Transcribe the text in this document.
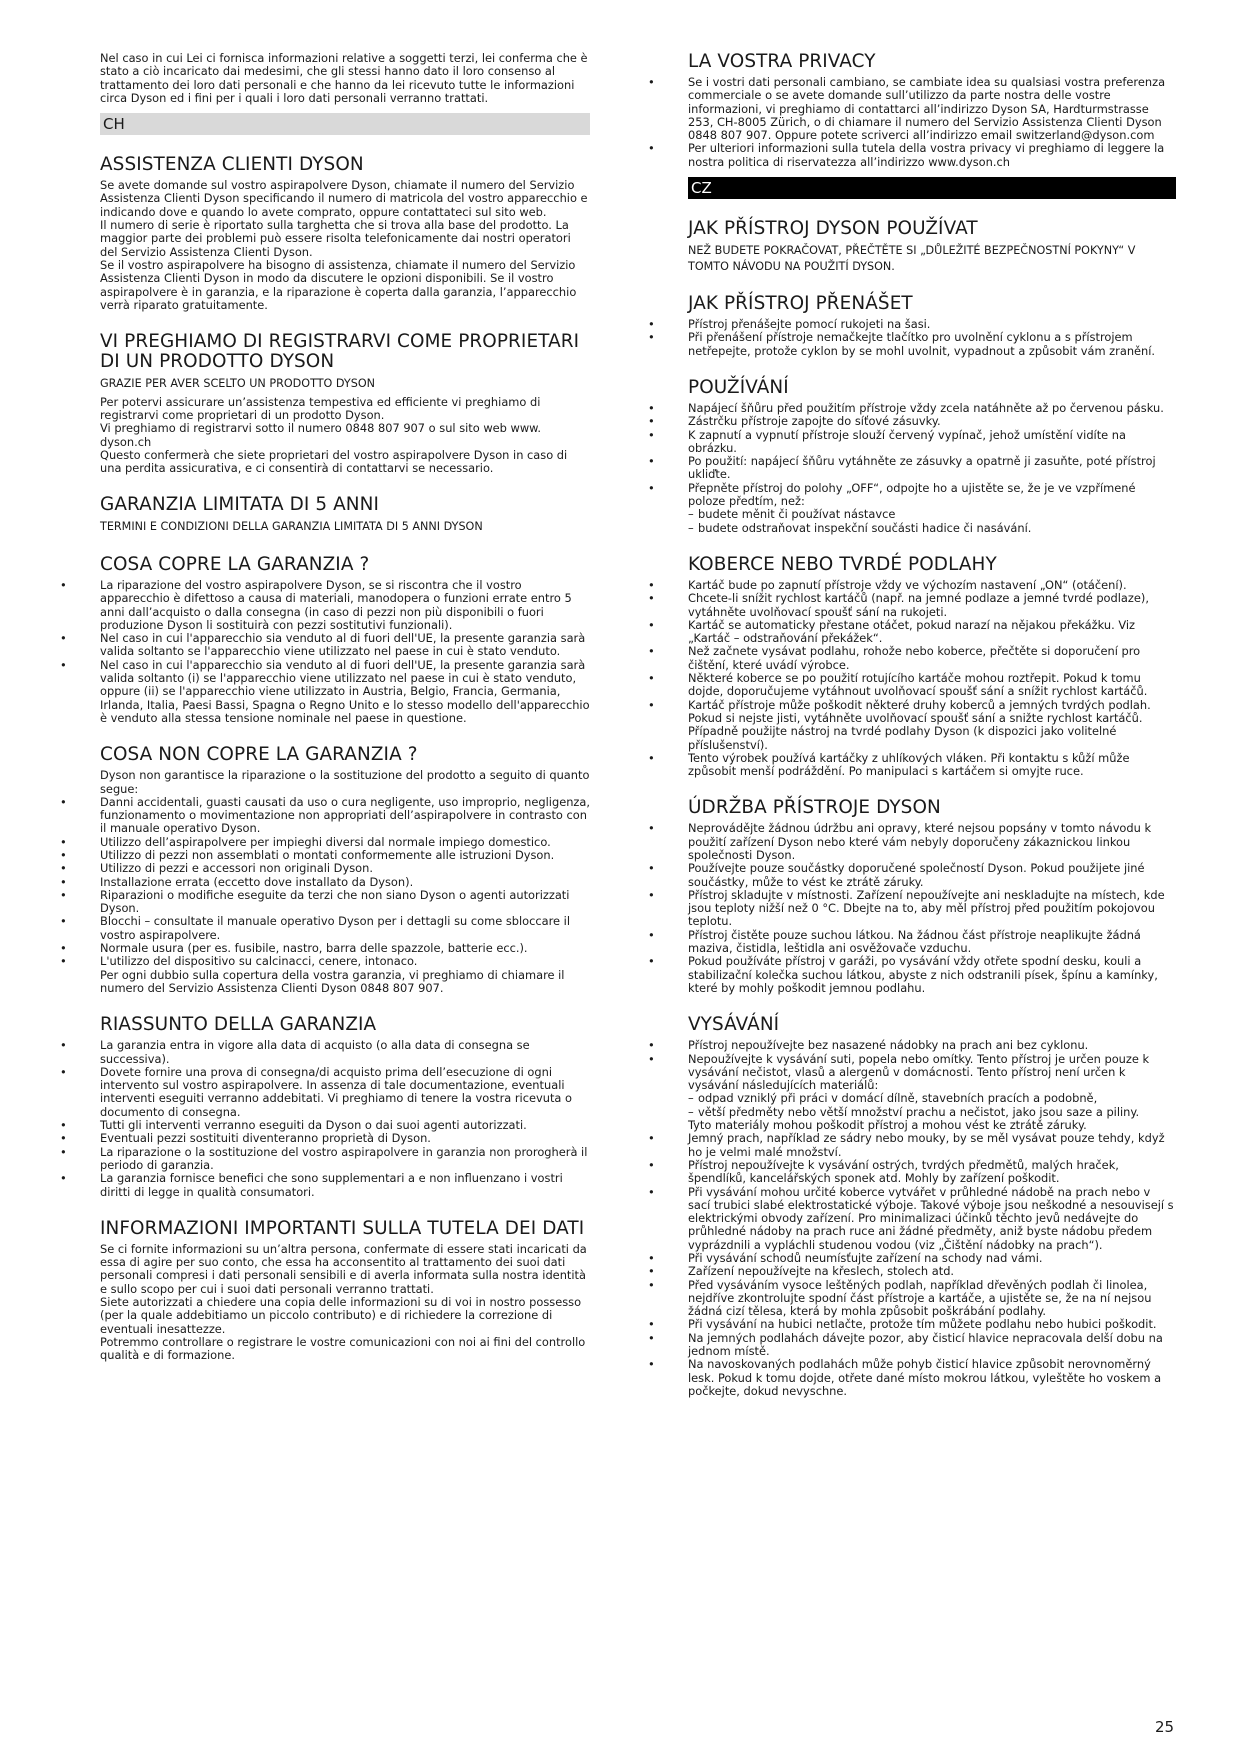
Nel caso in cui Lei ci fornisca informazioni relative a soggetti terzi, lei conferma che è stato a ciò incaricato dai medesimi, che gli stessi hanno dato il loro consenso al trattamento dei loro dati personali e che hanno da lei ricevuto tutte le informazioni circa Dyson ed i fini per i quali i loro dati personali verranno trattati.

CH
ASSISTENZA CLIENTI DYSON

Se avete domande sul vostro aspirapolvere Dyson, chiamate il numero del Servizio Assistenza Clienti Dyson specificando il numero di matricola del vostro apparecchio e indicando dove e quando lo avete comprato, oppure contattateci sul sito web.

Il numero di serie è riportato sulla targhetta che si trova alla base del prodotto. La maggior parte dei problemi può essere risolta telefonicamente dai nostri operatori del Servizio Assistenza Clienti Dyson.

Se il vostro aspirapolvere ha bisogno di assistenza, chiamate il numero del Servizio Assistenza Clienti Dyson in modo da discutere le opzioni disponibili. Se il vostro aspirapolvere è in garanzia, e la riparazione è coperta dalla garanzia, l’apparecchio verrà riparato gratuitamente.

VI PREGHIAMO DI REGISTRARVI COME PROPRIETARI DI UN PRODOTTO DYSON
GRAZIE PER AVER SCELTO UN PRODOTTO DYSON

Per potervi assicurare un’assistenza tempestiva ed efficiente vi preghiamo di registrarvi come proprietari di un prodotto Dyson.

Vi preghiamo di registrarvi sotto il numero 0848 807 907 o sul sito web www. dyson.ch

Questo confermerà che siete proprietari del vostro aspirapolvere Dyson in caso di una perdita assicurativa, e ci consentirà di contattarvi se necessario.

GARANZIA LIMITATA DI 5 ANNI
TERMINI E CONDIZIONI DELLA GARANZIA LIMITATA DI 5 ANNI DYSON
COSA COPRE LA GARANZIA ?
• La riparazione del vostro aspirapolvere Dyson, se si riscontra che il vostro apparecchio è difettoso a causa di materiali, manodopera o funzioni errate entro 5 anni dall’acquisto o dalla consegna (in caso di pezzi non più disponibili o fuori produzione Dyson li sostituirà con pezzi sostitutivi funzionali).
• Nel caso in cui l'apparecchio sia venduto al di fuori dell'UE, la presente garanzia sarà valida soltanto se l'apparecchio viene utilizzato nel paese in cui è stato venduto.
• Nel caso in cui l'apparecchio sia venduto al di fuori dell'UE, la presente garanzia sarà valida soltanto (i) se l'apparecchio viene utilizzato nel paese in cui è stato venduto, oppure (ii) se l'apparecchio viene utilizzato in Austria, Belgio, Francia, Germania, Irlanda, Italia, Paesi Bassi, Spagna o Regno Unito e lo stesso modello dell'apparecchio è venduto alla stessa tensione nominale nel paese in questione.
COSA NON COPRE LA GARANZIA ?

Dyson non garantisce la riparazione o la sostituzione del prodotto a seguito di quanto segue:

• Danni accidentali, guasti causati da uso o cura negligente, uso improprio, negligenza, funzionamento o movimentazione non appropriati dell’aspirapolvere in contrasto con il manuale operativo Dyson.
• Utilizzo dell’aspirapolvere per impieghi diversi dal normale impiego domestico.
• Utilizzo di pezzi non assemblati o montati conformemente alle istruzioni Dyson.
• Utilizzo di pezzi e accessori non originali Dyson.
• Installazione errata (eccetto dove installato da Dyson).
• Riparazioni o modifiche eseguite da terzi che non siano Dyson o agenti autorizzati Dyson.
• Blocchi – consultate il manuale operativo Dyson per i dettagli su come sbloccare il vostro aspirapolvere.
• Normale usura (per es. fusibile, nastro, barra delle spazzole, batterie ecc.).
• L'utilizzo del dispositivo su calcinacci, cenere, intonaco.

Per ogni dubbio sulla copertura della vostra garanzia, vi preghiamo di chiamare il numero del Servizio Assistenza Clienti Dyson 0848 807 907.

RIASSUNTO DELLA GARANZIA
• La garanzia entra in vigore alla data di acquisto (o alla data di consegna se successiva).
• Dovete fornire una prova di consegna/di acquisto prima dell’esecuzione di ogni intervento sul vostro aspirapolvere. In assenza di tale documentazione, eventuali interventi eseguiti verranno addebitati. Vi preghiamo di tenere la vostra ricevuta o documento di consegna.
• Tutti gli interventi verranno eseguiti da Dyson o dai suoi agenti autorizzati.
• Eventuali pezzi sostituiti diventeranno proprietà di Dyson.
• La riparazione o la sostituzione del vostro aspirapolvere in garanzia non prorogherà il periodo di garanzia.
• La garanzia fornisce benefici che sono supplementari a e non influenzano i vostri diritti di legge in qualità consumatori.
INFORMAZIONI IMPORTANTI SULLA TUTELA DEI DATI

Se ci fornite informazioni su un’altra persona, confermate di essere stati incaricati da essa di agire per suo conto, che essa ha acconsentito al trattamento dei suoi dati personali compresi i dati personali sensibili e di averla informata sulla nostra identità e sullo scopo per cui i suoi dati personali verranno trattati.

Siete autorizzati a chiedere una copia delle informazioni su di voi in nostro possesso (per la quale addebitiamo un piccolo contributo) e di richiedere la correzione di eventuali inesattezze.

Potremmo controllare o registrare le vostre comunicazioni con noi ai fini del controllo qualità e di formazione.

LA VOSTRA PRIVACY
• Se i vostri dati personali cambiano, se cambiate idea su qualsiasi vostra preferenza commerciale o se avete domande sull’utilizzo da parte nostra delle vostre informazioni, vi preghiamo di contattarci all’indirizzo Dyson SA, Hardturmstrasse 253, CH-8005 Zürich, o di chiamare il numero del Servizio Assistenza Clienti Dyson 0848 807 907. Oppure potete scriverci all’indirizzo email switzerland@dyson.com
• Per ulteriori informazioni sulla tutela della vostra privacy vi preghiamo di leggere la nostra politica di riservatezza all’indirizzo www.dyson.ch
CZ
JAK PŘÍSTROJ DYSON POUŽÍVAT
NEŽ BUDETE POKRAČOVAT, PŘEČTĚTE SI „DŮLEŽITÉ BEZPEČNOSTNÍ POKYNY“ V TOMTO NÁVODU NA POUŽITÍ DYSON.
JAK PŘÍSTROJ PŘENÁŠET
• Přístroj přenášejte pomocí rukojeti na šasi.
• Při přenášení přístroje nemačkejte tlačítko pro uvolnění cyklonu a s přístrojem netřepejte, protože cyklon by se mohl uvolnit, vypadnout a způsobit vám zranění.
POUŽÍVÁNÍ
• Napájecí šňůru před použitím přístroje vždy zcela natáhněte až po červenou pásku.
• Zástrčku přístroje zapojte do síťové zásuvky.
• K zapnutí a vypnutí přístroje slouží červený vypínač, jehož umístění vidíte na obrázku.
• Po použití: napájecí šňůru vytáhněte ze zásuvky a opatrně ji zasuňte, poté přístroj ukliďte.
• Přepněte přístroj do polohy „OFF“, odpojte ho a ujistěte se, že je ve vzpřímené poloze předtím, než:
– budete měnit či používat nástavce
– budete odstraňovat inspekční součásti hadice či nasávání.
KOBERCE NEBO TVRDÉ PODLAHY
• Kartáč bude po zapnutí přístroje vždy ve výchozím nastavení „ON“ (otáčení).
• Chcete-li snížit rychlost kartáčů (např. na jemné podlaze a jemné tvrdé podlaze), vytáhněte uvolňovací spoušť sání na rukojeti.
• Kartáč se automaticky přestane otáčet, pokud narazí na nějakou překážku. Viz „Kartáč – odstraňování překážek“.
• Než začnete vysávat podlahu, rohože nebo koberce, přečtěte si doporučení pro čištění, které uvádí výrobce.
• Některé koberce se po použití rotujícího kartáče mohou roztřepit. Pokud k tomu dojde, doporučujeme vytáhnout uvolňovací spoušť sání a snížit rychlost kartáčů.
• Kartáč přístroje může poškodit některé druhy koberců a jemných tvrdých podlah. Pokud si nejste jisti, vytáhněte uvolňovací spoušť sání a snižte rychlost kartáčů. Případně použijte nástroj na tvrdé podlahy Dyson (k dispozici jako volitelné příslušenství).
• Tento výrobek používá kartáčky z uhlíkových vláken. Při kontaktu s kůží může způsobit menší podráždění. Po manipulaci s kartáčem si omyjte ruce.
ÚDRŽBA PŘÍSTROJE DYSON
• Neprovádějte žádnou údržbu ani opravy, které nejsou popsány v tomto návodu k použití zařízení Dyson nebo které vám nebyly doporučeny zákaznickou linkou společnosti Dyson.
• Používejte pouze součástky doporučené společností Dyson. Pokud použijete jiné součástky, může to vést ke ztrátě záruky.
• Přístroj skladujte v místnosti. Zařízení nepoužívejte ani neskladujte na místech, kde jsou teploty nižší než 0 °C. Dbejte na to, aby měl přístroj před použitím pokojovou teplotu.
• Přístroj čistěte pouze suchou látkou. Na žádnou část přístroje neaplikujte žádná maziva, čistidla, leštidla ani osvěžovače vzduchu.
• Pokud používáte přístroj v garáži, po vysávání vždy otřete spodní desku, kouli a stabilizační kolečka suchou látkou, abyste z nich odstranili písek, špínu a kamínky, které by mohly poškodit jemnou podlahu.
VYSÁVÁNÍ
• Přístroj nepoužívejte bez nasazené nádobky na prach ani bez cyklonu.
• Nepoužívejte k vysávání suti, popela nebo omítky. Tento přístroj je určen pouze k vysávání nečistot, vlasů a alergenů v domácnosti. Tento přístroj není určen k vysávání následujících materiálů:
– odpad vzniklý při práci v domácí dílně, stavebních pracích a podobně,
– větší předměty nebo větší množství prachu a nečistot, jako jsou saze a piliny.
Tyto materiály mohou poškodit přístroj a mohou vést ke ztrátě záruky.
• Jemný prach, například ze sádry nebo mouky, by se měl vysávat pouze tehdy, když ho je velmi malé množství.
• Přístroj nepoužívejte k vysávání ostrých, tvrdých předmětů, malých hraček, špendlíků, kancelářských sponek atd. Mohly by zařízení poškodit.
• Při vysávání mohou určité koberce vytvářet v průhledné nádobě na prach nebo v sací trubici slabé elektrostatické výboje. Takové výboje jsou neškodné a nesouvisejí s elektrickými obvody zařízení. Pro minimalizaci účinků těchto jevů nedávejte do průhledné nádoby na prach ruce ani žádné předměty, aniž byste nádobu předem vyprázdnili a vypláchli studenou vodou (viz „Čištění nádobky na prach“).
• Při vysávání schodů neumísťujte zařízení na schody nad vámi.
• Zařízení nepoužívejte na křeslech, stolech atd.
• Před vysáváním vysoce leštěných podlah, například dřevěných podlah či linolea, nejdříve zkontrolujte spodní část přístroje a kartáče, a ujistěte se, že na ní nejsou žádná cizí tělesa, která by mohla způsobit poškrábání podlahy.
• Při vysávání na hubici netlačte, protože tím můžete podlahu nebo hubici poškodit.
• Na jemných podlahách dávejte pozor, aby čisticí hlavice nepracovala delší dobu na jednom místě.
• Na navoskovaných podlahách může pohyb čisticí hlavice způsobit nerovnoměrný lesk. Pokud k tomu dojde, otřete dané místo mokrou látkou, vyleštěte ho voskem a počkejte, dokud nevyschne.
25
